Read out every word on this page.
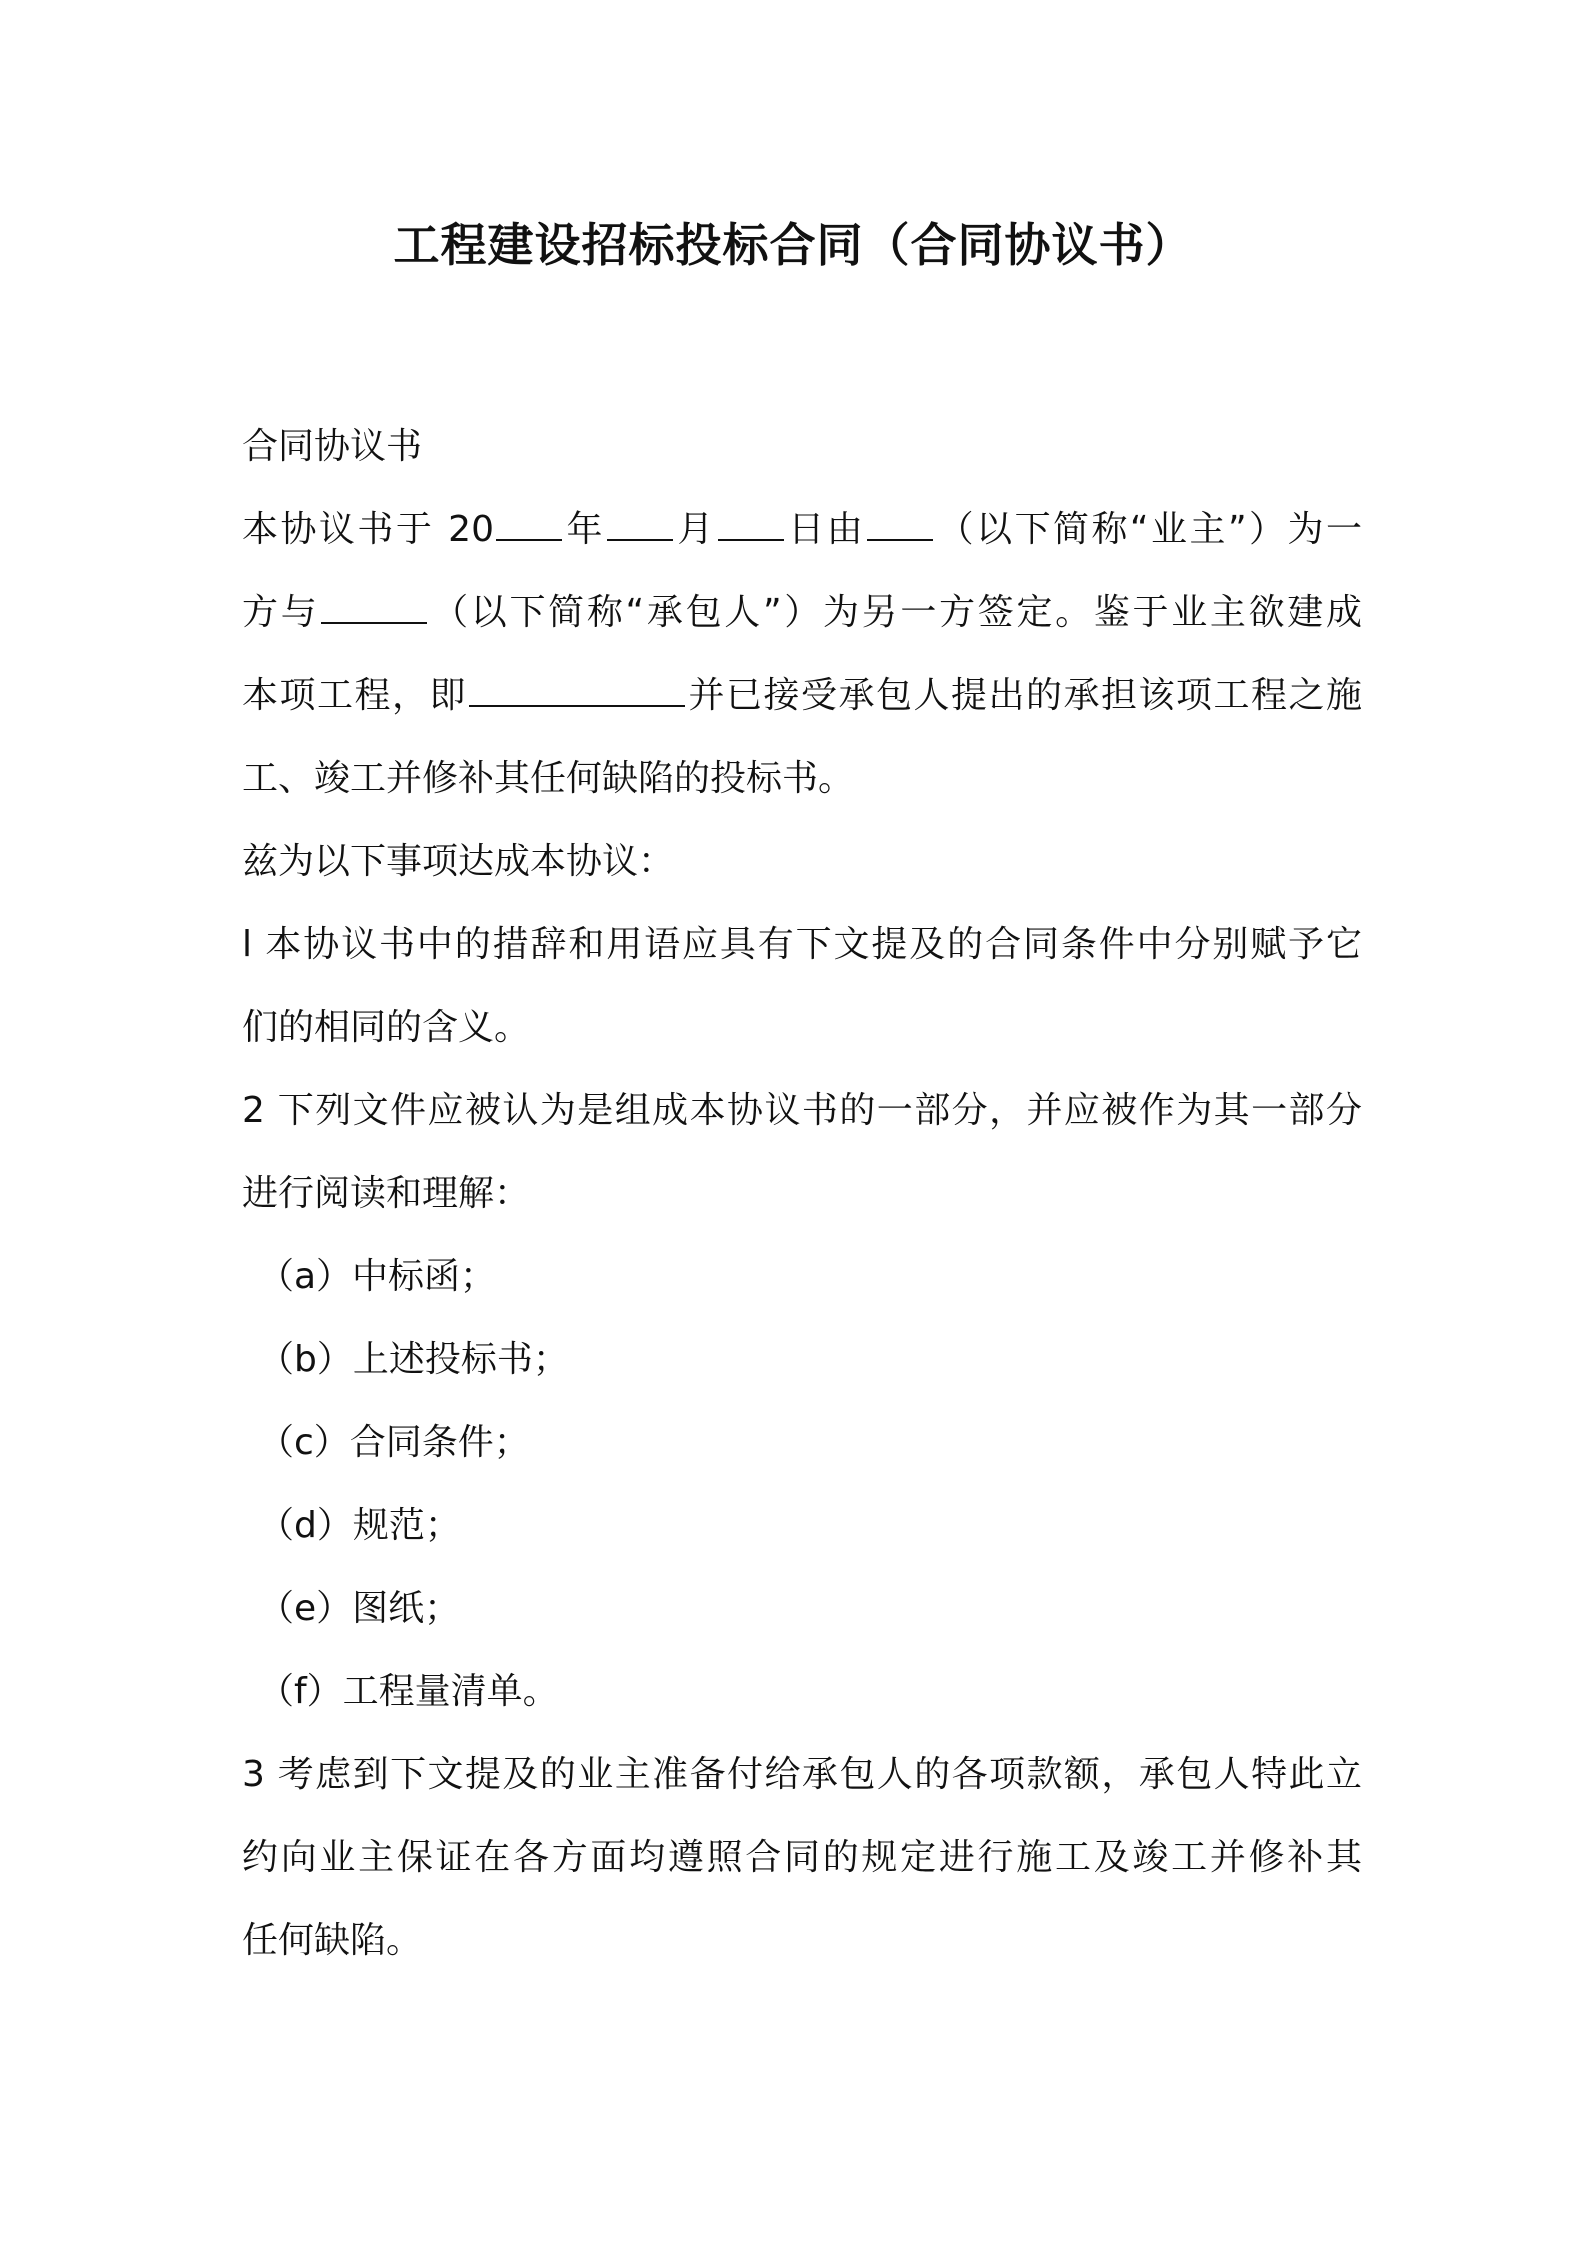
工程建设招标投标合同（合同协议书）
合同协议书
本协议书于 20 年 月 日由 （以下简称“业主”）为一
方与	（以下简称“承包人”）为另一方签定。鉴于业主欲建成
本项工程，即	并已接受承包人提出的承担该项工程之施
工、竣工并修补其任何缺陷的投标书。
兹为以下事项达成本协议：
l 本协议书中的措辞和用语应具有下文提及的合同条件中分别赋予它
们的相同的含义。
2 下列文件应被认为是组成本协议书的一部分，并应被作为其一部分
进行阅读和理解：
（a）中标函；
（b）上述投标书；
（c）合同条件；
（d）规范；
（e）图纸；
（f）工程量清单。
3 考虑到下文提及的业主准备付给承包人的各项款额，承包人特此立
约向业主保证在各方面均遵照合同的规定进行施工及竣工并修补其
任何缺陷。
